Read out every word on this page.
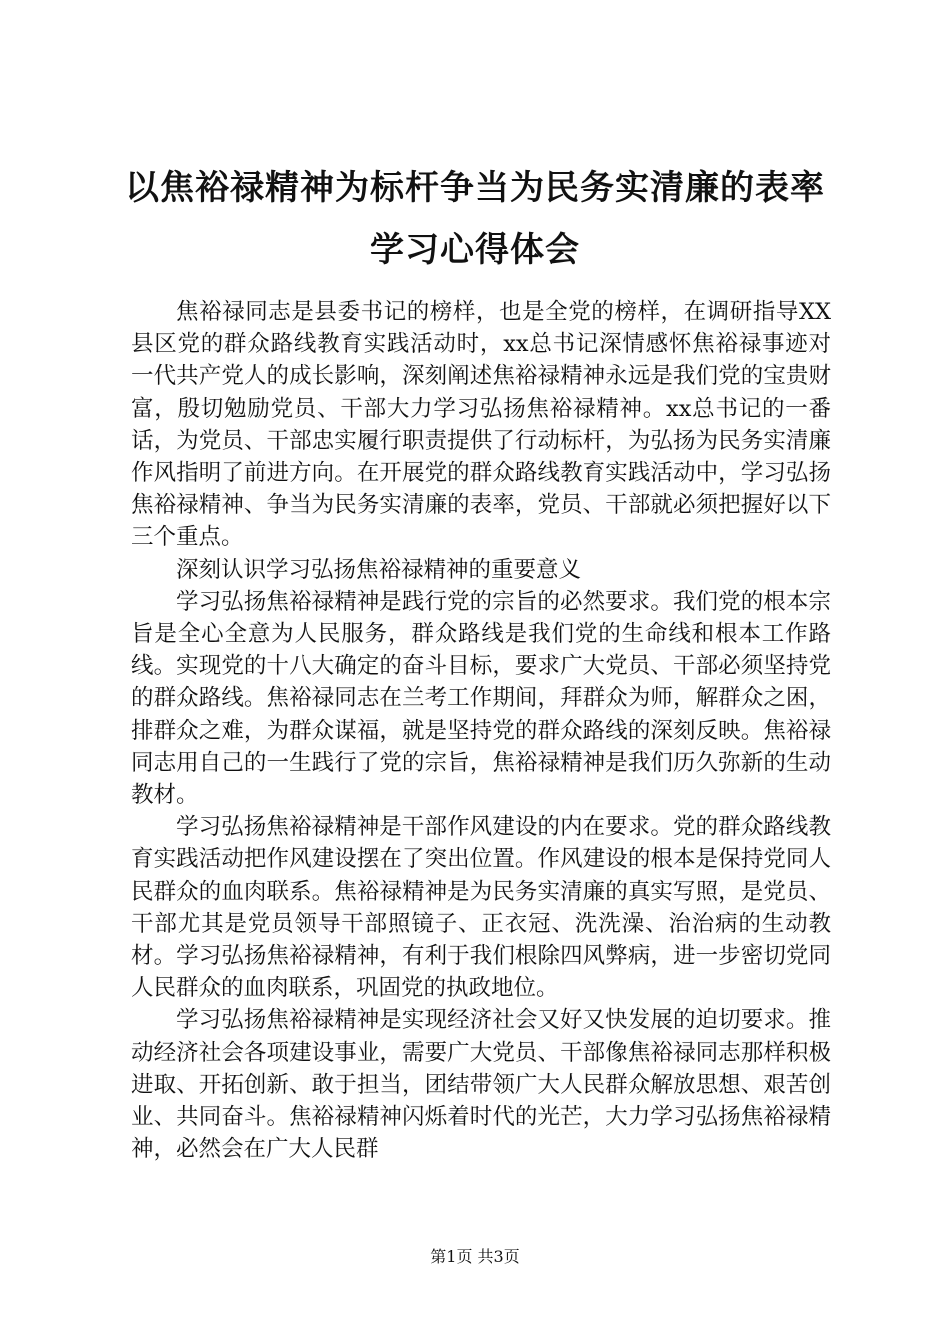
以焦裕禄精神为标杆争当为民务实清廉的表率
学习心得体会

焦裕禄同志是县委书记的榜样，也是全党的榜样，在调研指导XX县区党的群众路线教育实践活动时，xx总书记深情感怀焦裕禄事迹对一代共产党人的成长影响，深刻阐述焦裕禄精神永远是我们党的宝贵财富，殷切勉励党员、干部大力学习弘扬焦裕禄精神。xx总书记的一番话，为党员、干部忠实履行职责提供了行动标杆，为弘扬为民务实清廉作风指明了前进方向。在开展党的群众路线教育实践活动中，学习弘扬焦裕禄精神、争当为民务实清廉的表率，党员、干部就必须把握好以下三个重点。

深刻认识学习弘扬焦裕禄精神的重要意义

学习弘扬焦裕禄精神是践行党的宗旨的必然要求。我们党的根本宗旨是全心全意为人民服务，群众路线是我们党的生命线和根本工作路线。实现党的十八大确定的奋斗目标，要求广大党员、干部必须坚持党的群众路线。焦裕禄同志在兰考工作期间，拜群众为师，解群众之困，排群众之难，为群众谋福，就是坚持党的群众路线的深刻反映。焦裕禄同志用自己的一生践行了党的宗旨，焦裕禄精神是我们历久弥新的生动教材。

学习弘扬焦裕禄精神是干部作风建设的内在要求。党的群众路线教育实践活动把作风建设摆在了突出位置。作风建设的根本是保持党同人民群众的血肉联系。焦裕禄精神是为民务实清廉的真实写照，是党员、干部尤其是党员领导干部照镜子、正衣冠、洗洗澡、治治病的生动教材。学习弘扬焦裕禄精神，有利于我们根除四风弊病，进一步密切党同人民群众的血肉联系，巩固党的执政地位。

学习弘扬焦裕禄精神是实现经济社会又好又快发展的迫切要求。推动经济社会各项建设事业，需要广大党员、干部像焦裕禄同志那样积极进取、开拓创新、敢于担当，团结带领广大人民群众解放思想、艰苦创业、共同奋斗。焦裕禄精神闪烁着时代的光芒，大力学习弘扬焦裕禄精神，必然会在广大人民群

第1页 共3页
